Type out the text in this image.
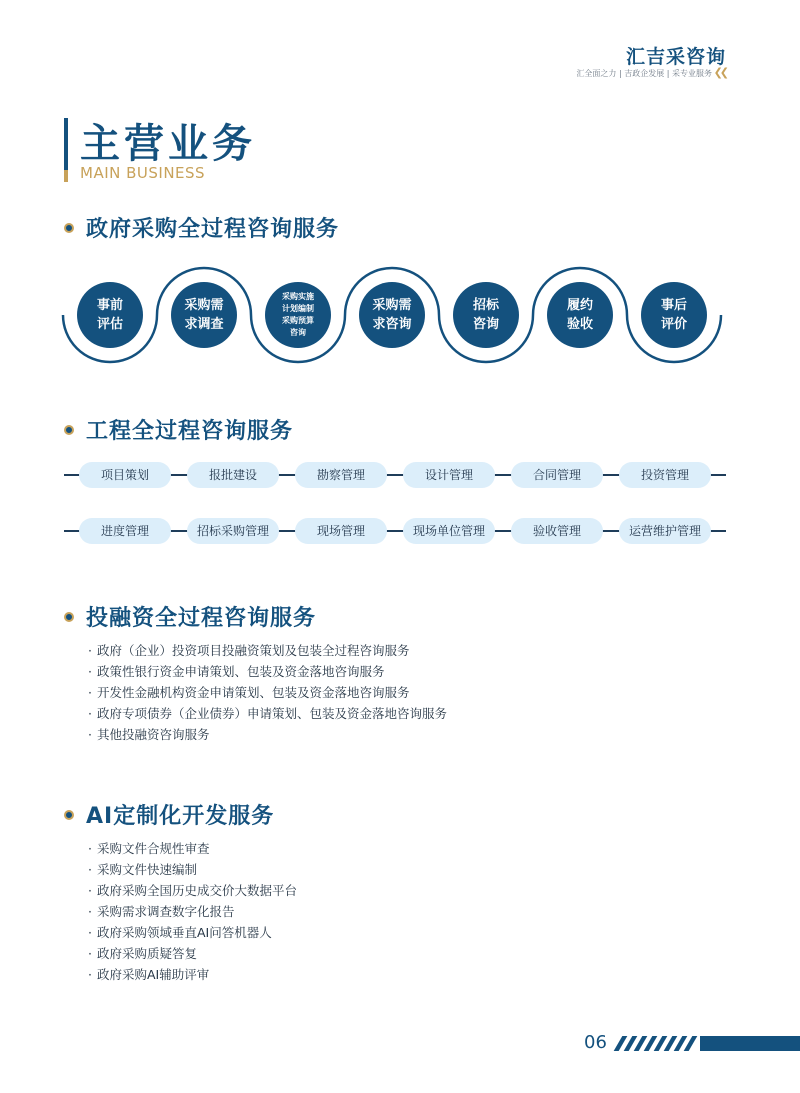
汇吉采咨询
汇全面之力 | 吉政企发展 | 采专业服务 ❮❮
主营业务
MAIN BUSINESS
政府采购全过程咨询服务
事前
评估
采购需
求调查
采购实施
计划编制
采购预算
咨询
采购需
求咨询
招标
咨询
履约
验收
事后
评价
工程全过程咨询服务
项目策划	报批建设	勘察管理	设计管理	合同管理	投资管理
进度管理	招标采购管理	现场管理	现场单位管理	验收管理	运营维护管理
投融资全过程咨询服务
· 政府（企业）投资项目投融资策划及包装全过程咨询服务
· 政策性银行资金申请策划、包装及资金落地咨询服务
· 开发性金融机构资金申请策划、包装及资金落地咨询服务
· 政府专项债券（企业债券）申请策划、包装及资金落地咨询服务
· 其他投融资咨询服务
AI定制化开发服务
· 采购文件合规性审查
· 采购文件快速编制
· 政府采购全国历史成交价大数据平台
· 采购需求调查数字化报告
· 政府采购领域垂直AI问答机器人
· 政府采购质疑答复
· 政府采购AI辅助评审
06
